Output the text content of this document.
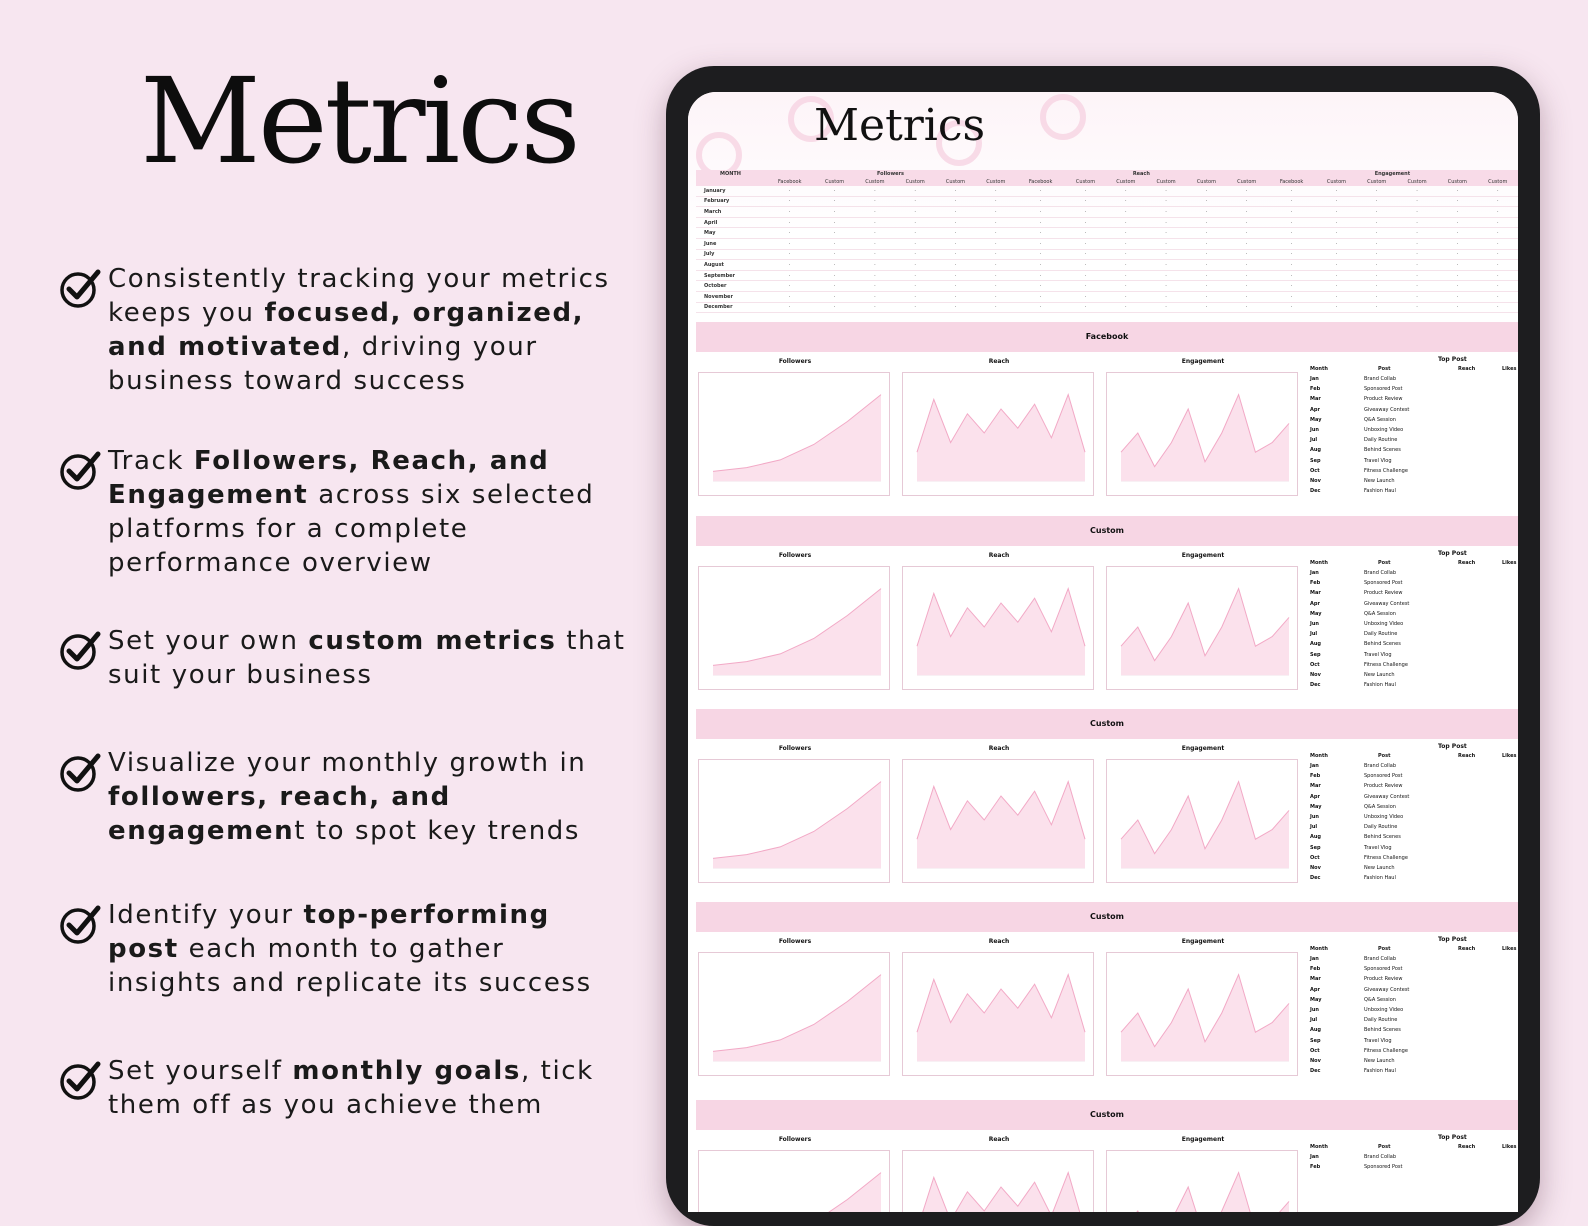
Metrics
Consistently tracking your metrics keeps you focused, organized, and motivated, driving your business toward success
Track Followers, Reach, and Engagement across six selected platforms for a complete performance overview
Set your own custom metrics that suit your business
Visualize your monthly growth in followers, reach, and engagement to spot key trends
Identify your top-performing post each month to gather insights and replicate its success
Set yourself monthly goals, tick them off as you achieve them
Metrics
MONTH	Followers						Reach						Engagement					
	Facebook	Custom	Custom	Custom	Custom	Custom	Facebook	Custom	Custom	Custom	Custom	Custom	Facebook	Custom	Custom	Custom	Custom	Custom
January	·	·	·	·	·	·	·	·	·	·	·	·	·	·	·	·	·	·
February	·	·	·	·	·	·	·	·	·	·	·	·	·	·	·	·	·	·
March	·	·	·	·	·	·	·	·	·	·	·	·	·	·	·	·	·	·
April	·	·	·	·	·	·	·	·	·	·	·	·	·	·	·	·	·	·
May	·	·	·	·	·	·	·	·	·	·	·	·	·	·	·	·	·	·
June	·	·	·	·	·	·	·	·	·	·	·	·	·	·	·	·	·	·
July	·	·	·	·	·	·	·	·	·	·	·	·	·	·	·	·	·	·
August	·	·	·	·	·	·	·	·	·	·	·	·	·	·	·	·	·	·
September	·	·	·	·	·	·	·	·	·	·	·	·	·	·	·	·	·	·
October	·	·	·	·	·	·	·	·	·	·	·	·	·	·	·	·	·	·
November	·	·	·	·	·	·	·	·	·	·	·	·	·	·	·	·	·	·
December	·	·	·	·	·	·	·	·	·	·	·	·	·	·	·	·	·	·
Facebook
Followers	Reach	Engagement	Top Post
Month	Post	Reach	Likes
Jan	Brand Collab
Feb	Sponsored Post
Mar	Product Review
Apr	Giveaway Contest
May	Q&A Session
Jun	Unboxing Video
Jul	Daily Routine
Aug	Behind Scenes
Sep	Travel Vlog
Oct	Fitness Challenge
Nov	New Launch
Dec	Fashion Haul
Custom
Followers	Reach	Engagement	Top Post
Month	Post	Reach	Likes
Jan	Brand Collab
Feb	Sponsored Post
Mar	Product Review
Apr	Giveaway Contest
May	Q&A Session
Jun	Unboxing Video
Jul	Daily Routine
Aug	Behind Scenes
Sep	Travel Vlog
Oct	Fitness Challenge
Nov	New Launch
Dec	Fashion Haul
Custom
Followers	Reach	Engagement	Top Post
Month	Post	Reach	Likes
Jan	Brand Collab
Feb	Sponsored Post
Mar	Product Review
Apr	Giveaway Contest
May	Q&A Session
Jun	Unboxing Video
Jul	Daily Routine
Aug	Behind Scenes
Sep	Travel Vlog
Oct	Fitness Challenge
Nov	New Launch
Dec	Fashion Haul
Custom
Followers	Reach	Engagement	Top Post
Month	Post	Reach	Likes
Jan	Brand Collab
Feb	Sponsored Post
Mar	Product Review
Apr	Giveaway Contest
May	Q&A Session
Jun	Unboxing Video
Jul	Daily Routine
Aug	Behind Scenes
Sep	Travel Vlog
Oct	Fitness Challenge
Nov	New Launch
Dec	Fashion Haul
Custom
Followers	Reach	Engagement	Top Post
Month	Post	Reach	Likes
Jan	Brand Collab
Feb	Sponsored Post
